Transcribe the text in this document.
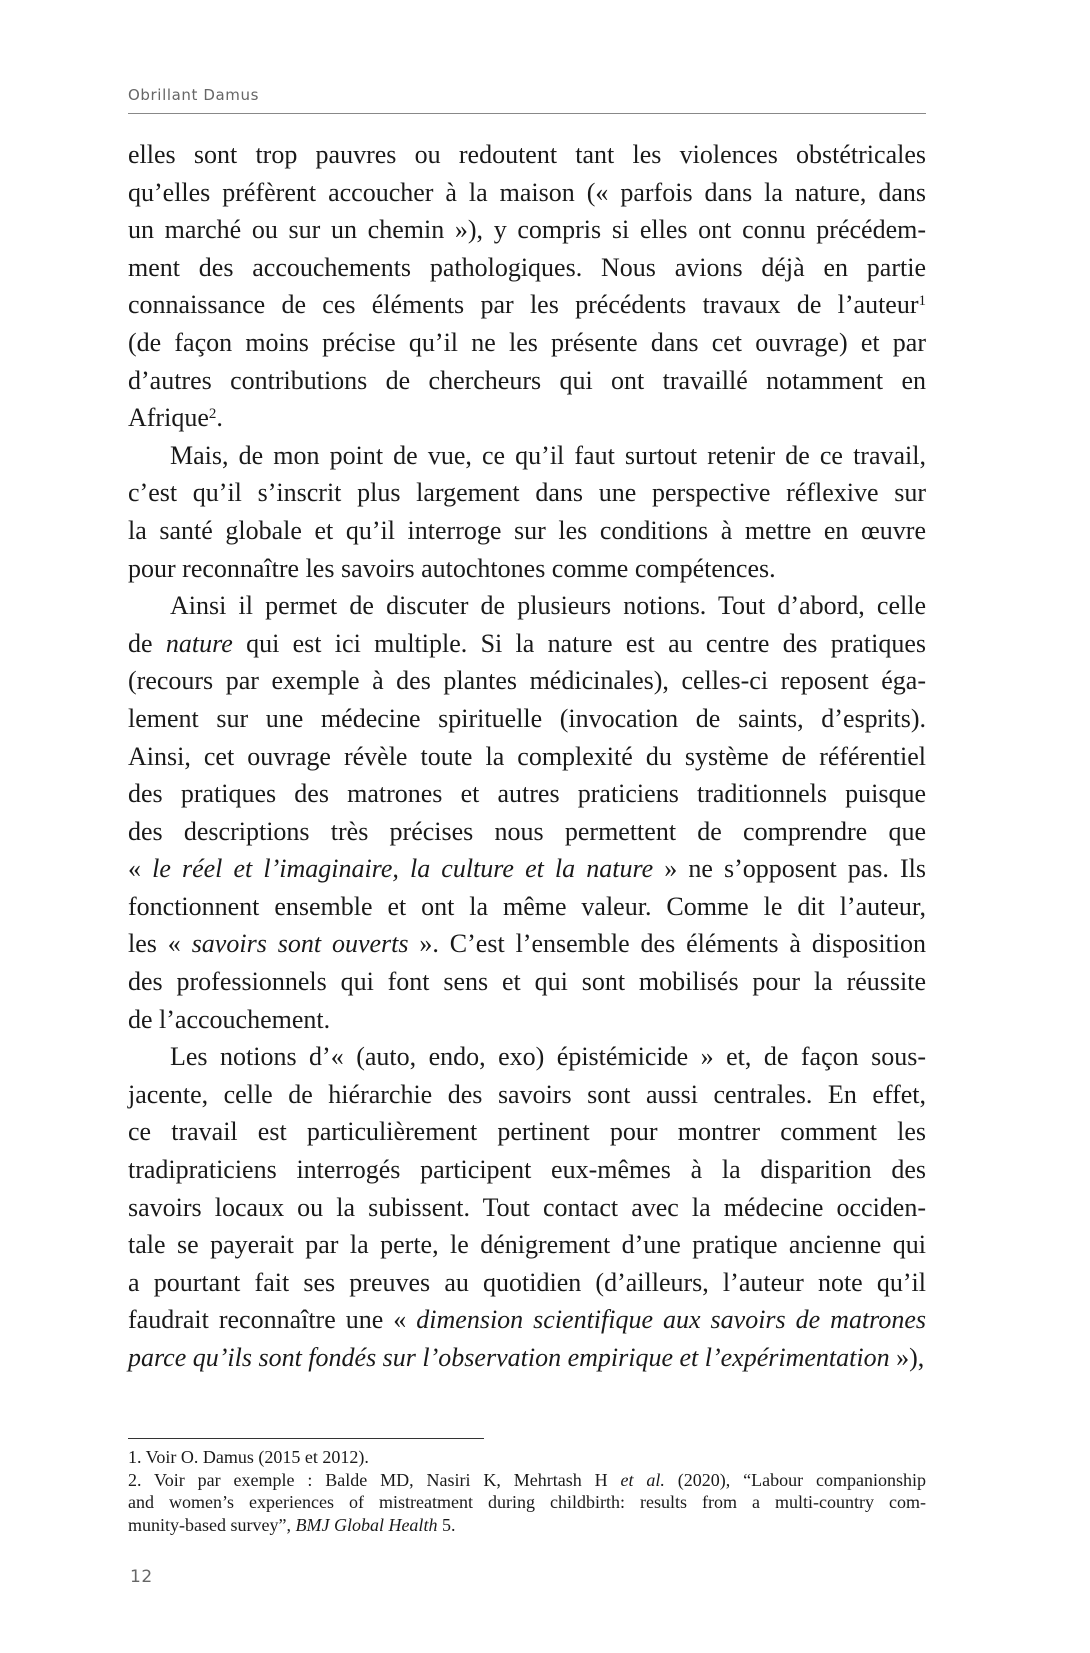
Obrillant Damus
elles sont trop pauvres ou redoutent tant les violences obstétricales
qu’elles préfèrent accoucher à la maison (« parfois dans la nature, dans
un marché ou sur un chemin »), y compris si elles ont connu précédem-
ment des accouchements pathologiques. Nous avions déjà en partie
connaissance de ces éléments par les précédents travaux de l’auteur$^1$
(de façon moins précise qu’il ne les présente dans cet ouvrage) et par
d’autres contributions de chercheurs qui ont travaillé notamment en
Afrique$^2$.
Mais, de mon point de vue, ce qu’il faut surtout retenir de ce travail,
c’est qu’il s’inscrit plus largement dans une perspective réflexive sur
la santé globale et qu’il interroge sur les conditions à mettre en œuvre
pour reconnaître les savoirs autochtones comme compétences.
Ainsi il permet de discuter de plusieurs notions. Tout d’abord, celle
de nature qui est ici multiple. Si la nature est au centre des pratiques
(recours par exemple à des plantes médicinales), celles-ci reposent éga-
lement sur une médecine spirituelle (invocation de saints, d’esprits).
Ainsi, cet ouvrage révèle toute la complexité du système de référentiel
des pratiques des matrones et autres praticiens traditionnels puisque
des descriptions très précises nous permettent de comprendre que
« le réel et l’imaginaire, la culture et la nature » ne s’opposent pas. Ils
fonctionnent ensemble et ont la même valeur. Comme le dit l’auteur,
les « savoirs sont ouverts ». C’est l’ensemble des éléments à disposition
des professionnels qui font sens et qui sont mobilisés pour la réussite
de l’accouchement.
Les notions d’« (auto, endo, exo) épistémicide » et, de façon sous-
jacente, celle de hiérarchie des savoirs sont aussi centrales. En effet,
ce travail est particulièrement pertinent pour montrer comment les
tradipraticiens interrogés participent eux-mêmes à la disparition des
savoirs locaux ou la subissent. Tout contact avec la médecine occiden-
tale se payerait par la perte, le dénigrement d’une pratique ancienne qui
a pourtant fait ses preuves au quotidien (d’ailleurs, l’auteur note qu’il
faudrait reconnaître une « dimension scientifique aux savoirs de matrones
parce qu’ils sont fondés sur l’observation empirique et l’expérimentation »),
1. Voir O. Damus (2015 et 2012).
2. Voir par exemple : Balde MD, Nasiri K, Mehrtash H et al. (2020), “Labour companionship
and women’s experiences of mistreatment during childbirth: results from a multi-country com-
munity-based survey”, BMJ Global Health 5.
12
